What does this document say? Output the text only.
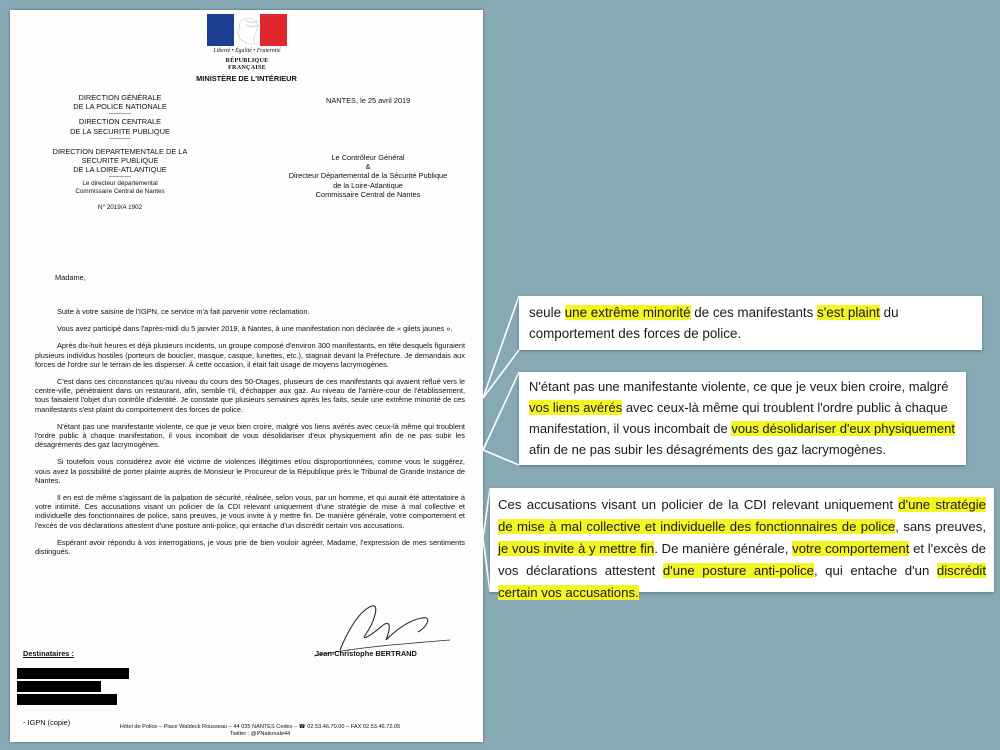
Liberté • Égalité • Fraternité
RÉPUBLIQUE FRANÇAISE
MINISTÈRE DE L'INTÉRIEUR
DIRECTION GÉNÉRALE
DE LA POLICE NATIONALE
-----------
DIRECTION CENTRALE
DE LA SECURITE PUBLIQUE
-----------
DIRECTION DEPARTEMENTALE DE LA
SECURITE PUBLIQUE
DE LA LOIRE-ATLANTIQUE
-----------
Le directeur départemental
Commissaire Central de Nantes
N° 2019/A 1902
NANTES, le 25 avril 2019
Le Contrôleur Général
&
Directeur Départemental de la Sécurité Publique
de la Loire-Atlantique
Commissaire Central de Nantes
Madame,
Suite à votre saisine de l'IGPN, ce service m'a fait parvenir votre réclamation.
Vous avez participé dans l'après-midi du 5 janvier 2019, à Nantes, à une manifestation non déclarée de « gilets jaunes ».
Après dix-huit heures et déjà plusieurs incidents, un groupe composé d'environ 300 manifestants, en tête desquels figuraient plusieurs individus hostiles (porteurs de bouclier, masque, casque, lunettes, etc.), stagnait devant la Préfecture. Je demandais aux forces de l'ordre sur le terrain de les disperser. À cette occasion, il était fait usage de moyens lacrymogènes.
C'est dans ces circonstances qu'au niveau du cours des 50-Otages, plusieurs de ces manifestants qui avaient reflué vers le centre-ville, pénétraient dans un restaurant, afin, semble t'il, d'échapper aux gaz. Au niveau de l'arrière-cour de l'établissement, tous faisaient l'objet d'un contrôle d'identité. Je constate que plusieurs semaines après les faits, seule une extrême minorité de ces manifestants s'est plaint du comportement des forces de police.
N'étant pas une manifestante violente, ce que je veux bien croire, malgré vos liens avérés avec ceux-là même qui troublent l'ordre public à chaque manifestation, il vous incombait de vous désolidariser d'eux physiquement afin de ne pas subir les désagréments des gaz lacrymogènes.
Si toutefois vous considérez avoir été victime de violences illégitimes et/ou disproportionnées, comme vous le suggérez, vous avez la possibilité de porter plainte auprès de Monsieur le Procureur de la République près le Tribunal de Grande Instance de Nantes.
Il en est de même s'agissant de la palpation de sécurité, réalisée, selon vous, par un homme, et qui aurait été attentatoire à votre intimité. Ces accusations visant un policier de la CDI relevant uniquement d'une stratégie de mise à mal collective et individuelle des fonctionnaires de police, sans preuves, je vous invite à y mettre fin. De manière générale, votre comportement et l'excès de vos déclarations attestent d'une posture anti-police, qui entache d'un discrédit certain vos accusations.
Espérant avoir répondu à vos interrogations, je vous prie de bien vouloir agréer, Madame, l'expression de mes sentiments distingués.
Jean-Christophe BERTRAND
Destinataires :
- IGPN (copie)	Hôtel de Police – Place Waldeck Rousseau – 44 035 NANTES Cedex – ☎ 02.53.46.70.00 – FAX 02.53.46.72.05
Twitter : @PNationale44
seule une extrême minorité de ces manifestants s'est plaint du comportement des forces de police.
N'étant pas une manifestante violente, ce que je veux bien croire, malgré vos liens avérés avec ceux-là même qui troublent l'ordre public à chaque manifestation, il vous incombait de vous désolidariser d'eux physiquement afin de ne pas subir les désagréments des gaz lacrymogènes.
Ces accusations visant un policier de la CDI relevant uniquement d'une stratégie de mise à mal collective et individuelle des fonctionnaires de police, sans preuves, je vous invite à y mettre fin. De manière générale, votre comportement et l'excès de vos déclarations attestent d'une posture anti-police, qui entache d'un discrédit certain vos accusations.
